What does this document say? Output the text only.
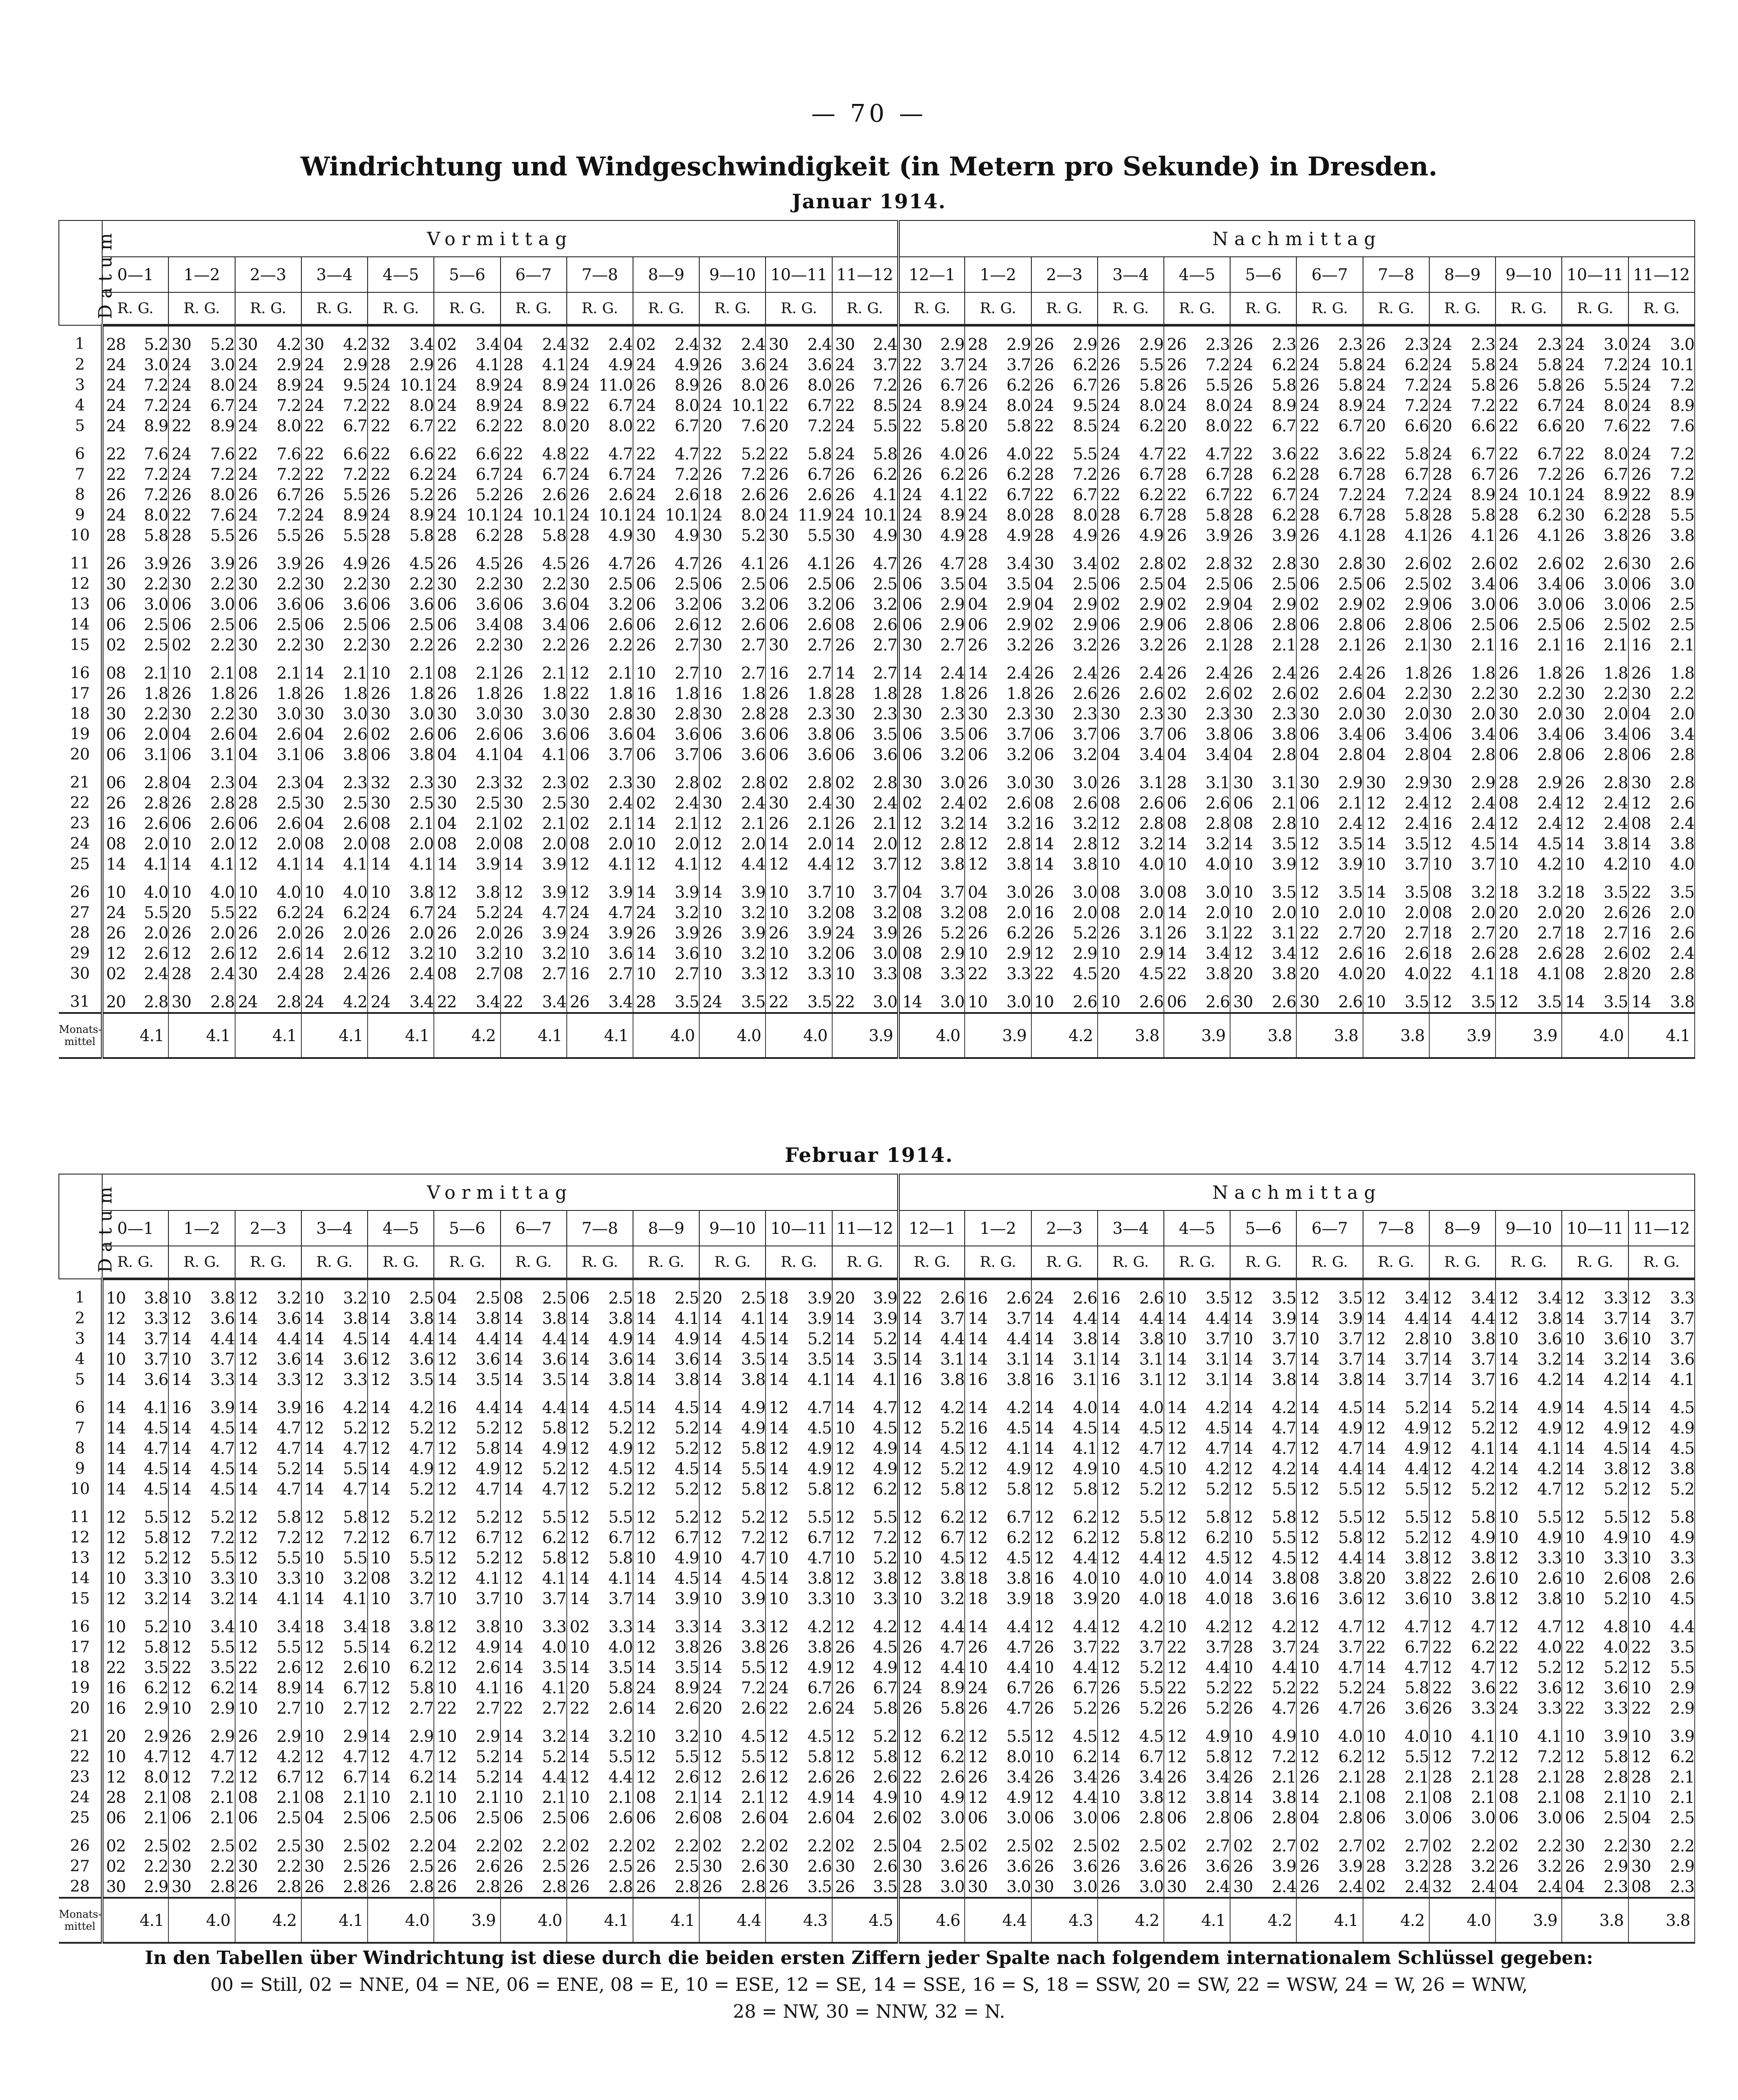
— 70 —
Windrichtung und Windgeschwindigkeit (in Metern pro Sekunde) in Dresden.
Januar 1914.
Datum	Vormittag												Nachmittag											
	0—1	1—2	2—3	3—4	4—5	5—6	6—7	7—8	8—9	9—10	10—11	11—12	12—1	1—2	2—3	3—4	4—5	5—6	6—7	7—8	8—9	9—10	10—11	11—12
	R. G.	R. G.	R. G.	R. G.	R. G.	R. G.	R. G.	R. G.	R. G.	R. G.	R. G.	R. G.	R. G.	R. G.	R. G.	R. G.	R. G.	R. G.	R. G.	R. G.	R. G.	R. G.	R. G.	R. G.
1	28 5.2	30 5.2	30 4.2	30 4.2	32 3.4	02 3.4	04 2.4	32 2.4	02 2.4	32 2.4	30 2.4	30 2.4	30 2.9	28 2.9	26 2.9	26 2.9	26 2.3	26 2.3	26 2.3	26 2.3	24 2.3	24 2.3	24 3.0	24 3.0
2	24 3.0	24 3.0	24 2.9	24 2.9	28 2.9	26 4.1	28 4.1	24 4.9	24 4.9	26 3.6	24 3.6	24 3.7	22 3.7	24 3.7	26 6.2	26 5.5	26 7.2	24 6.2	24 5.8	24 6.2	24 5.8	24 5.8	24 7.2	24 10.1
3	24 7.2	24 8.0	24 8.9	24 9.5	24 10.1	24 8.9	24 8.9	24 11.0	26 8.9	26 8.0	26 8.0	26 7.2	26 6.7	26 6.2	26 6.7	26 5.8	26 5.5	26 5.8	26 5.8	24 7.2	24 5.8	26 5.8	26 5.5	24 7.2
4	24 7.2	24 6.7	24 7.2	24 7.2	22 8.0	24 8.9	24 8.9	22 6.7	24 8.0	24 10.1	22 6.7	22 8.5	24 8.9	24 8.0	24 9.5	24 8.0	24 8.0	24 8.9	24 8.9	24 7.2	24 7.2	22 6.7	24 8.0	24 8.9
5	24 8.9	22 8.9	24 8.0	22 6.7	22 6.7	22 6.2	22 8.0	20 8.0	22 6.7	20 7.6	20 7.2	24 5.5	22 5.8	20 5.8	22 8.5	24 6.2	20 8.0	22 6.7	22 6.7	20 6.6	20 6.6	22 6.6	20 7.6	22 7.6
6	22 7.6	24 7.6	22 7.6	22 6.6	22 6.6	22 6.6	22 4.8	22 4.7	22 4.7	22 5.2	22 5.8	24 5.8	26 4.0	26 4.0	22 5.5	24 4.7	22 4.7	22 3.6	22 3.6	22 5.8	24 6.7	22 6.7	22 8.0	24 7.2
7	22 7.2	24 7.2	24 7.2	22 7.2	22 6.2	24 6.7	24 6.7	24 6.7	24 7.2	26 7.2	26 6.7	26 6.2	26 6.2	26 6.2	28 7.2	26 6.7	28 6.7	28 6.2	28 6.7	28 6.7	28 6.7	26 7.2	26 6.7	26 7.2
8	26 7.2	26 8.0	26 6.7	26 5.5	26 5.2	26 5.2	26 2.6	26 2.6	24 2.6	18 2.6	26 2.6	26 4.1	24 4.1	22 6.7	22 6.7	22 6.2	22 6.7	22 6.7	24 7.2	24 7.2	24 8.9	24 10.1	24 8.9	22 8.9
9	24 8.0	22 7.6	24 7.2	24 8.9	24 8.9	24 10.1	24 10.1	24 10.1	24 10.1	24 8.0	24 11.9	24 10.1	24 8.9	24 8.0	28 8.0	28 6.7	28 5.8	28 6.2	28 6.7	28 5.8	28 5.8	28 6.2	30 6.2	28 5.5
10	28 5.8	28 5.5	26 5.5	26 5.5	28 5.8	28 6.2	28 5.8	28 4.9	30 4.9	30 5.2	30 5.5	30 4.9	30 4.9	28 4.9	28 4.9	26 4.9	26 3.9	26 3.9	26 4.1	28 4.1	26 4.1	26 4.1	26 3.8	26 3.8
11	26 3.9	26 3.9	26 3.9	26 4.9	26 4.5	26 4.5	26 4.5	26 4.7	26 4.7	26 4.1	26 4.1	26 4.7	26 4.7	28 3.4	30 3.4	02 2.8	02 2.8	32 2.8	30 2.8	30 2.6	02 2.6	02 2.6	02 2.6	30 2.6
12	30 2.2	30 2.2	30 2.2	30 2.2	30 2.2	30 2.2	30 2.2	30 2.5	06 2.5	06 2.5	06 2.5	06 2.5	06 3.5	04 3.5	04 2.5	06 2.5	04 2.5	06 2.5	06 2.5	06 2.5	02 3.4	06 3.4	06 3.0	06 3.0
13	06 3.0	06 3.0	06 3.6	06 3.6	06 3.6	06 3.6	06 3.6	04 3.2	06 3.2	06 3.2	06 3.2	06 3.2	06 2.9	04 2.9	04 2.9	02 2.9	02 2.9	04 2.9	02 2.9	02 2.9	06 3.0	06 3.0	06 3.0	06 2.5
14	06 2.5	06 2.5	06 2.5	06 2.5	06 2.5	06 3.4	08 3.4	06 2.6	06 2.6	12 2.6	06 2.6	08 2.6	06 2.9	06 2.9	02 2.9	06 2.9	06 2.8	06 2.8	06 2.8	06 2.8	06 2.5	06 2.5	06 2.5	02 2.5
15	02 2.5	02 2.2	30 2.2	30 2.2	30 2.2	26 2.2	30 2.2	26 2.2	26 2.7	30 2.7	30 2.7	26 2.7	30 2.7	26 3.2	26 3.2	26 3.2	26 2.1	28 2.1	28 2.1	26 2.1	30 2.1	16 2.1	16 2.1	16 2.1
16	08 2.1	10 2.1	08 2.1	14 2.1	10 2.1	08 2.1	26 2.1	12 2.1	10 2.7	10 2.7	16 2.7	14 2.7	14 2.4	14 2.4	26 2.4	26 2.4	26 2.4	26 2.4	26 2.4	26 1.8	26 1.8	26 1.8	26 1.8	26 1.8
17	26 1.8	26 1.8	26 1.8	26 1.8	26 1.8	26 1.8	26 1.8	22 1.8	16 1.8	16 1.8	26 1.8	28 1.8	28 1.8	26 1.8	26 2.6	26 2.6	02 2.6	02 2.6	02 2.6	04 2.2	30 2.2	30 2.2	30 2.2	30 2.2
18	30 2.2	30 2.2	30 3.0	30 3.0	30 3.0	30 3.0	30 3.0	30 2.8	30 2.8	30 2.8	28 2.3	30 2.3	30 2.3	30 2.3	30 2.3	30 2.3	30 2.3	30 2.3	30 2.0	30 2.0	30 2.0	30 2.0	30 2.0	04 2.0
19	06 2.0	04 2.6	04 2.6	04 2.6	02 2.6	06 2.6	06 3.6	06 3.6	04 3.6	06 3.6	06 3.8	06 3.5	06 3.5	06 3.7	06 3.7	06 3.7	06 3.8	06 3.8	06 3.4	06 3.4	06 3.4	06 3.4	06 3.4	06 3.4
20	06 3.1	06 3.1	04 3.1	06 3.8	06 3.8	04 4.1	04 4.1	06 3.7	06 3.7	06 3.6	06 3.6	06 3.6	06 3.2	06 3.2	06 3.2	04 3.4	04 3.4	04 2.8	04 2.8	04 2.8	04 2.8	06 2.8	06 2.8	06 2.8
21	06 2.8	04 2.3	04 2.3	04 2.3	32 2.3	30 2.3	32 2.3	02 2.3	30 2.8	02 2.8	02 2.8	02 2.8	30 3.0	26 3.0	30 3.0	26 3.1	28 3.1	30 3.1	30 2.9	30 2.9	30 2.9	28 2.9	26 2.8	30 2.8
22	26 2.8	26 2.8	28 2.5	30 2.5	30 2.5	30 2.5	30 2.5	30 2.4	02 2.4	30 2.4	30 2.4	30 2.4	02 2.4	02 2.6	08 2.6	08 2.6	06 2.6	06 2.1	06 2.1	12 2.4	12 2.4	08 2.4	12 2.4	12 2.6
23	16 2.6	06 2.6	06 2.6	04 2.6	08 2.1	04 2.1	02 2.1	02 2.1	14 2.1	12 2.1	26 2.1	26 2.1	12 3.2	14 3.2	16 3.2	12 2.8	08 2.8	08 2.8	10 2.4	12 2.4	16 2.4	12 2.4	12 2.4	08 2.4
24	08 2.0	10 2.0	12 2.0	08 2.0	08 2.0	08 2.0	08 2.0	08 2.0	10 2.0	12 2.0	14 2.0	14 2.0	12 2.8	12 2.8	14 2.8	12 3.2	14 3.2	14 3.5	12 3.5	14 3.5	12 4.5	14 4.5	14 3.8	14 3.8
25	14 4.1	14 4.1	12 4.1	14 4.1	14 4.1	14 3.9	14 3.9	12 4.1	12 4.1	12 4.4	12 4.4	12 3.7	12 3.8	12 3.8	14 3.8	10 4.0	10 4.0	10 3.9	12 3.9	10 3.7	10 3.7	10 4.2	10 4.2	10 4.0
26	10 4.0	10 4.0	10 4.0	10 4.0	10 3.8	12 3.8	12 3.9	12 3.9	14 3.9	14 3.9	10 3.7	10 3.7	04 3.7	04 3.0	26 3.0	08 3.0	08 3.0	10 3.5	12 3.5	14 3.5	08 3.2	18 3.2	18 3.5	22 3.5
27	24 5.5	20 5.5	22 6.2	24 6.2	24 6.7	24 5.2	24 4.7	24 4.7	24 3.2	10 3.2	10 3.2	08 3.2	08 3.2	08 2.0	16 2.0	08 2.0	14 2.0	10 2.0	10 2.0	10 2.0	08 2.0	20 2.0	20 2.6	26 2.0
28	26 2.0	26 2.0	26 2.0	26 2.0	26 2.0	26 2.0	26 3.9	24 3.9	26 3.9	26 3.9	26 3.9	24 3.9	26 5.2	26 6.2	26 5.2	26 3.1	26 3.1	22 3.1	22 2.7	20 2.7	18 2.7	20 2.7	18 2.7	16 2.6
29	12 2.6	12 2.6	12 2.6	14 2.6	12 3.2	10 3.2	10 3.2	10 3.6	14 3.6	10 3.2	10 3.2	06 3.0	08 2.9	10 2.9	12 2.9	10 2.9	14 3.4	12 3.4	12 2.6	16 2.6	18 2.6	28 2.6	28 2.6	02 2.4
30	02 2.4	28 2.4	30 2.4	28 2.4	26 2.4	08 2.7	08 2.7	16 2.7	10 2.7	10 3.3	12 3.3	10 3.3	08 3.3	22 3.3	22 4.5	20 4.5	22 3.8	20 3.8	20 4.0	20 4.0	22 4.1	18 4.1	08 2.8	20 2.8
31	20 2.8	30 2.8	24 2.8	24 4.2	24 3.4	22 3.4	22 3.4	26 3.4	28 3.5	24 3.5	22 3.5	22 3.0	14 3.0	10 3.0	10 2.6	10 2.6	06 2.6	30 2.6	30 2.6	10 3.5	12 3.5	12 3.5	14 3.5	14 3.8

Monats-
mittel	4.1	4.1	4.1	4.1	4.1	4.2	4.1	4.1	4.0	4.0	4.0	3.9	4.0	3.9	4.2	3.8	3.9	3.8	3.8	3.8	3.9	3.9	4.0	4.1
Februar 1914.
Datum	Vormittag												Nachmittag											
	0—1	1—2	2—3	3—4	4—5	5—6	6—7	7—8	8—9	9—10	10—11	11—12	12—1	1—2	2—3	3—4	4—5	5—6	6—7	7—8	8—9	9—10	10—11	11—12
	R. G.	R. G.	R. G.	R. G.	R. G.	R. G.	R. G.	R. G.	R. G.	R. G.	R. G.	R. G.	R. G.	R. G.	R. G.	R. G.	R. G.	R. G.	R. G.	R. G.	R. G.	R. G.	R. G.	R. G.
1	10 3.8	10 3.8	12 3.2	10 3.2	10 2.5	04 2.5	08 2.5	06 2.5	18 2.5	20 2.5	18 3.9	20 3.9	22 2.6	16 2.6	24 2.6	16 2.6	10 3.5	12 3.5	12 3.5	12 3.4	12 3.4	12 3.4	12 3.3	12 3.3
2	12 3.3	12 3.6	14 3.6	14 3.8	14 3.8	14 3.8	14 3.8	14 3.8	14 4.1	14 4.1	14 3.9	14 3.9	14 3.7	14 3.7	14 4.4	14 4.4	14 4.4	14 3.9	14 3.9	14 4.4	14 4.4	12 3.8	14 3.7	14 3.7
3	14 3.7	14 4.4	14 4.4	14 4.5	14 4.4	14 4.4	14 4.4	14 4.9	14 4.9	14 4.5	14 5.2	14 5.2	14 4.4	14 4.4	14 3.8	14 3.8	10 3.7	10 3.7	10 3.7	12 2.8	10 3.8	10 3.6	10 3.6	10 3.7
4	10 3.7	10 3.7	12 3.6	14 3.6	12 3.6	12 3.6	14 3.6	14 3.6	14 3.6	14 3.5	14 3.5	14 3.5	14 3.1	14 3.1	14 3.1	14 3.1	14 3.1	14 3.7	14 3.7	14 3.7	14 3.7	14 3.2	14 3.2	14 3.6
5	14 3.6	14 3.3	14 3.3	12 3.3	12 3.5	14 3.5	14 3.5	14 3.8	14 3.8	14 3.8	14 4.1	14 4.1	16 3.8	16 3.8	16 3.1	16 3.1	12 3.1	14 3.8	14 3.8	14 3.7	14 3.7	16 4.2	14 4.2	14 4.1
6	14 4.1	16 3.9	14 3.9	16 4.2	14 4.2	16 4.4	14 4.4	14 4.5	14 4.5	14 4.9	12 4.7	14 4.7	12 4.2	14 4.2	14 4.0	14 4.0	14 4.2	14 4.2	14 4.5	14 5.2	14 5.2	14 4.9	14 4.5	14 4.5
7	14 4.5	14 4.5	14 4.7	12 5.2	12 5.2	12 5.2	12 5.8	12 5.2	12 5.2	14 4.9	14 4.5	10 4.5	12 5.2	16 4.5	14 4.5	14 4.5	12 4.5	14 4.7	14 4.9	12 4.9	12 5.2	12 4.9	12 4.9	12 4.9
8	14 4.7	14 4.7	12 4.7	14 4.7	12 4.7	12 5.8	14 4.9	12 4.9	12 5.2	12 5.8	12 4.9	12 4.9	14 4.5	12 4.1	14 4.1	12 4.7	12 4.7	14 4.7	12 4.7	14 4.9	12 4.1	14 4.1	14 4.5	14 4.5
9	14 4.5	14 4.5	14 5.2	14 5.5	14 4.9	12 4.9	12 5.2	12 4.5	12 4.5	14 5.5	14 4.9	12 4.9	12 5.2	12 4.9	12 4.9	10 4.5	10 4.2	12 4.2	14 4.4	14 4.4	12 4.2	14 4.2	14 3.8	12 3.8
10	14 4.5	14 4.5	14 4.7	14 4.7	14 5.2	12 4.7	14 4.7	12 5.2	12 5.2	12 5.8	12 5.8	12 6.2	12 5.8	12 5.8	12 5.8	12 5.2	12 5.2	12 5.5	12 5.5	12 5.5	12 5.2	12 4.7	12 5.2	12 5.2
11	12 5.5	12 5.2	12 5.8	12 5.8	12 5.2	12 5.2	12 5.5	12 5.5	12 5.2	12 5.2	12 5.5	12 5.5	12 6.2	12 6.7	12 6.2	12 5.5	12 5.8	12 5.8	12 5.5	12 5.5	12 5.8	10 5.5	12 5.5	12 5.8
12	12 5.8	12 7.2	12 7.2	12 7.2	12 6.7	12 6.7	12 6.2	12 6.7	12 6.7	12 7.2	12 6.7	12 7.2	12 6.7	12 6.2	12 6.2	12 5.8	12 6.2	10 5.5	12 5.8	12 5.2	12 4.9	10 4.9	10 4.9	10 4.9
13	12 5.2	12 5.5	12 5.5	10 5.5	10 5.5	12 5.2	12 5.8	12 5.8	10 4.9	10 4.7	10 4.7	10 5.2	10 4.5	12 4.5	12 4.4	12 4.4	12 4.5	12 4.5	12 4.4	14 3.8	12 3.8	12 3.3	10 3.3	10 3.3
14	10 3.3	10 3.3	10 3.3	10 3.2	08 3.2	12 4.1	12 4.1	14 4.1	14 4.5	14 4.5	14 3.8	12 3.8	12 3.8	18 3.8	16 4.0	10 4.0	10 4.0	14 3.8	08 3.8	20 3.8	22 2.6	10 2.6	10 2.6	08 2.6
15	12 3.2	14 3.2	14 4.1	14 4.1	10 3.7	10 3.7	10 3.7	14 3.7	14 3.9	10 3.9	10 3.3	10 3.3	10 3.2	18 3.9	18 3.9	20 4.0	18 4.0	18 3.6	16 3.6	12 3.6	10 3.8	12 3.8	10 5.2	10 4.5
16	10 5.2	10 3.4	10 3.4	18 3.4	18 3.8	12 3.8	10 3.3	02 3.3	14 3.3	14 3.3	12 4.2	12 4.2	12 4.4	14 4.4	12 4.4	12 4.2	10 4.2	12 4.2	12 4.7	12 4.7	12 4.7	12 4.7	12 4.8	10 4.4
17	12 5.8	12 5.5	12 5.5	12 5.5	14 6.2	12 4.9	14 4.0	10 4.0	12 3.8	26 3.8	26 3.8	26 4.5	26 4.7	26 4.7	26 3.7	22 3.7	22 3.7	28 3.7	24 3.7	22 6.7	22 6.2	22 4.0	22 4.0	22 3.5
18	22 3.5	22 3.5	22 2.6	12 2.6	10 6.2	12 2.6	14 3.5	14 3.5	14 3.5	14 5.5	12 4.9	12 4.9	12 4.4	10 4.4	10 4.4	12 5.2	12 4.4	10 4.4	10 4.7	14 4.7	12 4.7	12 5.2	12 5.2	12 5.5
19	16 6.2	12 6.2	14 8.9	14 6.7	12 5.8	10 4.1	16 4.1	20 5.8	24 8.9	24 7.2	24 6.7	26 6.7	24 8.9	24 6.7	26 6.7	26 5.5	22 5.2	22 5.2	22 5.2	24 5.8	22 3.6	22 3.6	12 3.6	10 2.9
20	16 2.9	10 2.9	10 2.7	10 2.7	12 2.7	22 2.7	22 2.7	22 2.6	14 2.6	20 2.6	22 2.6	24 5.8	26 5.8	26 4.7	26 5.2	26 5.2	26 5.2	26 4.7	26 4.7	26 3.6	26 3.3	24 3.3	22 3.3	22 2.9
21	20 2.9	26 2.9	26 2.9	10 2.9	14 2.9	10 2.9	14 3.2	14 3.2	10 3.2	10 4.5	12 4.5	12 5.2	12 6.2	12 5.5	12 4.5	12 4.5	12 4.9	10 4.9	10 4.0	10 4.0	10 4.1	10 4.1	10 3.9	10 3.9
22	10 4.7	12 4.7	12 4.2	12 4.7	12 4.7	12 5.2	14 5.2	14 5.5	12 5.5	12 5.5	12 5.8	12 5.8	12 6.2	12 8.0	10 6.2	14 6.7	12 5.8	12 7.2	12 6.2	12 5.5	12 7.2	12 7.2	12 5.8	12 6.2
23	12 8.0	12 7.2	12 6.7	12 6.7	14 6.2	14 5.2	14 4.4	12 4.4	12 2.6	12 2.6	12 2.6	26 2.6	22 2.6	26 3.4	26 3.4	26 3.4	26 3.4	26 2.1	26 2.1	28 2.1	28 2.1	28 2.1	28 2.8	28 2.1
24	28 2.1	08 2.1	08 2.1	08 2.1	10 2.1	10 2.1	10 2.1	10 2.1	08 2.1	14 2.1	12 4.9	14 4.9	10 4.9	12 4.9	12 4.4	10 3.8	12 3.8	14 3.8	14 2.1	08 2.1	08 2.1	08 2.1	08 2.1	10 2.1
25	06 2.1	06 2.1	06 2.5	04 2.5	06 2.5	06 2.5	06 2.5	06 2.6	06 2.6	08 2.6	04 2.6	04 2.6	02 3.0	06 3.0	06 3.0	06 2.8	06 2.8	06 2.8	04 2.8	06 3.0	06 3.0	06 3.0	06 2.5	04 2.5
26	02 2.5	02 2.5	02 2.5	30 2.5	02 2.2	04 2.2	02 2.2	02 2.2	02 2.2	02 2.2	02 2.2	02 2.5	04 2.5	02 2.5	02 2.5	02 2.5	02 2.7	02 2.7	02 2.7	02 2.7	02 2.2	02 2.2	30 2.2	30 2.2
27	02 2.2	30 2.2	30 2.2	30 2.5	26 2.5	26 2.6	26 2.5	26 2.5	26 2.5	30 2.6	30 2.6	30 2.6	30 3.6	26 3.6	26 3.6	26 3.6	26 3.6	26 3.9	26 3.9	28 3.2	28 3.2	26 3.2	26 2.9	30 2.9
28	30 2.9	30 2.8	26 2.8	26 2.8	26 2.8	26 2.8	26 2.8	26 2.8	26 2.8	26 2.8	26 3.5	26 3.5	28 3.0	30 3.0	30 3.0	26 3.0	30 2.4	30 2.4	26 2.4	02 2.4	32 2.4	04 2.4	04 2.3	08 2.3

Monats-
mittel	4.1	4.0	4.2	4.1	4.0	3.9	4.0	4.1	4.1	4.4	4.3	4.5	4.6	4.4	4.3	4.2	4.1	4.2	4.1	4.2	4.0	3.9	3.8	3.8
In den Tabellen über Windrichtung ist diese durch die beiden ersten Ziffern jeder Spalte nach folgendem internationalem Schlüssel gegeben:
00 = Still, 02 = NNE, 04 = NE, 06 = ENE, 08 = E, 10 = ESE, 12 = SE, 14 = SSE, 16 = S, 18 = SSW, 20 = SW, 22 = WSW, 24 = W, 26 = WNW,
28 = NW, 30 = NNW, 32 = N.
